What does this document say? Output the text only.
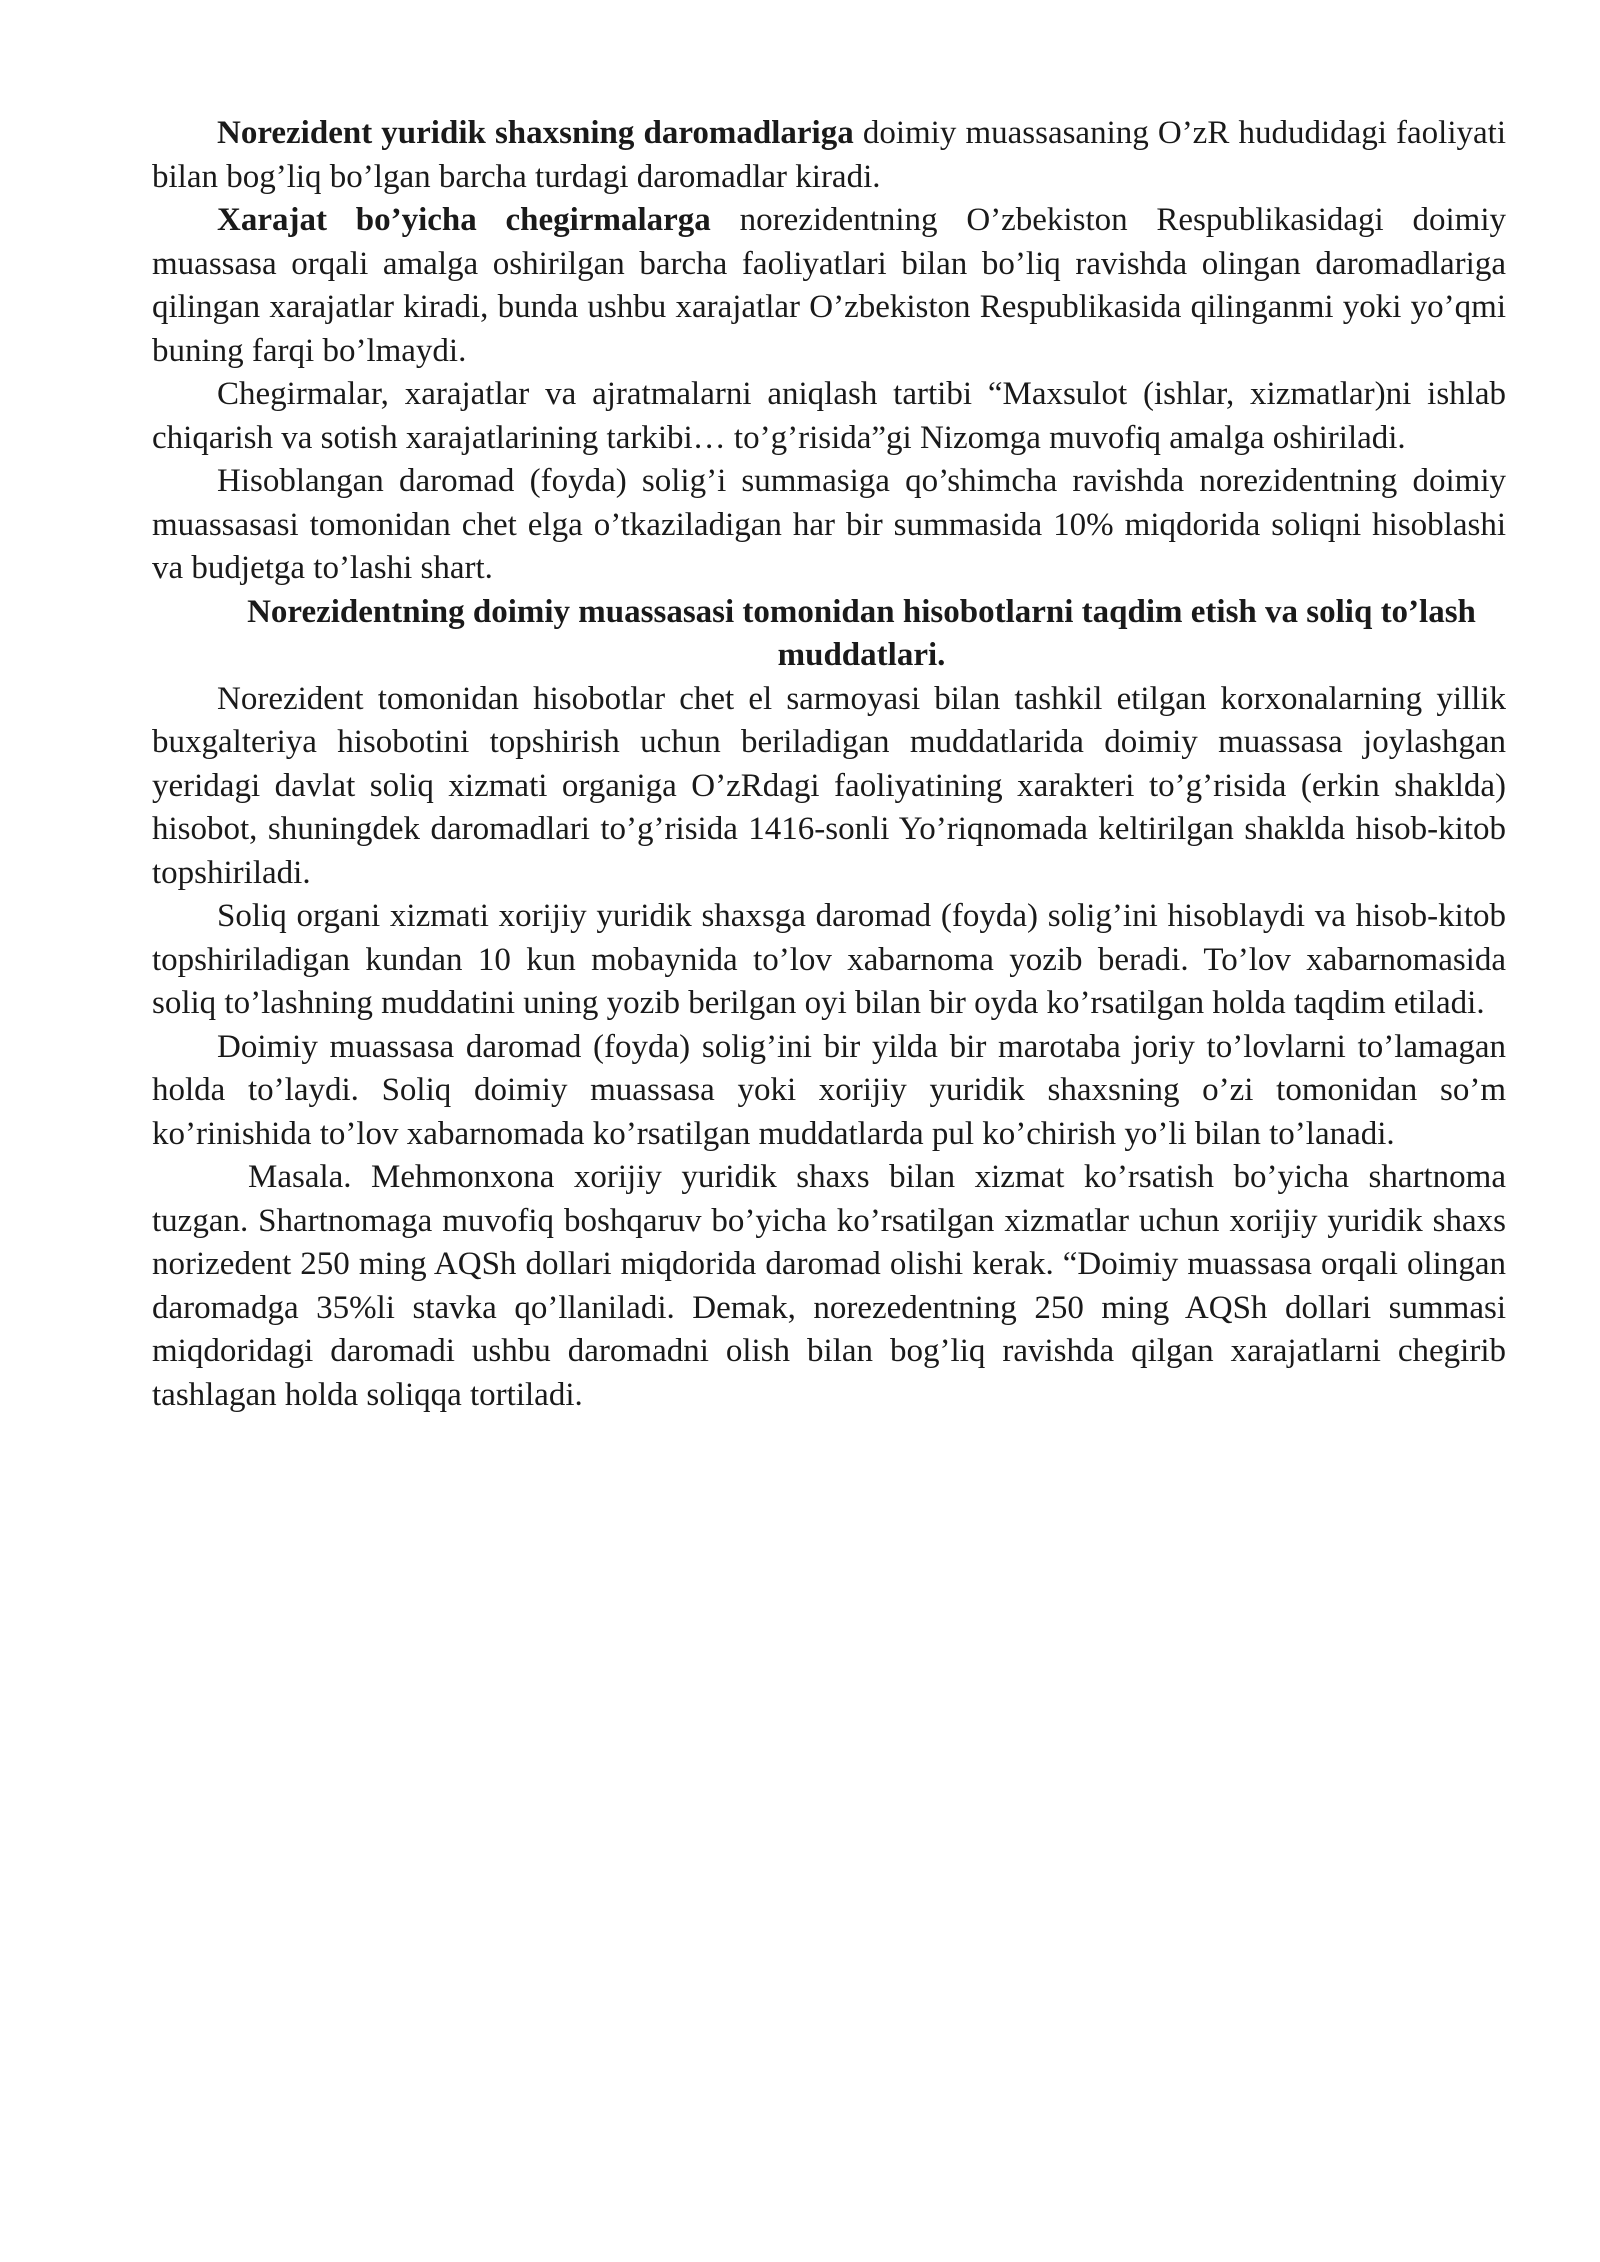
Norezident yuridik shaxsning daromadlariga doimiy muassasaning O’zR hududidagi faoliyati bilan bog’liq bo’lgan barcha turdagi daromadlar kiradi.

Xarajat bo’yicha chegirmalarga norezidentning O’zbekiston Respublikasidagi doimiy muassasa orqali amalga oshirilgan barcha faoliyatlari bilan bo’liq ravishda olingan daromadlariga qilingan xarajatlar kiradi, bunda ushbu xarajatlar O’zbekiston Respublikasida qilinganmi yoki yo’qmi buning farqi bo’lmaydi.

Chegirmalar, xarajatlar va ajratmalarni aniqlash tartibi “Maxsulot (ishlar, xizmatlar)ni ishlab chiqarish va sotish xarajatlarining tarkibi… to’g’risida”gi Nizomga muvofiq amalga oshiriladi.

Hisoblangan daromad (foyda) solig’i summasiga qo’shimcha ravishda norezidentning doimiy muassasasi tomonidan chet elga o’tkaziladigan har bir summasida 10% miqdorida soliqni hisoblashi va budjetga to’lashi shart.

Norezidentning doimiy muassasasi tomonidan hisobotlarni taqdim etish va soliq to’lash muddatlari.

Norezident tomonidan hisobotlar chet el sarmoyasi bilan tashkil etilgan korxonalarning yillik buxgalteriya hisobotini topshirish uchun beriladigan muddatlarida doimiy muassasa joylashgan yeridagi davlat soliq xizmati organiga O’zRdagi faoliyatining xarakteri to’g’risida (erkin shakldа) hisobot, shuningdek daromadlari to’g’risida 1416-sonli Yo’riqnomada keltirilgan shaklda hisob-kitob topshiriladi.

Soliq organi xizmati xorijiy yuridik shaxsga daromad (foyda) solig’ini hisoblaydi va hisob-kitob topshiriladigan kundan 10 kun mobaynida to’lov xabarnoma yozib beradi. To’lov xabarnomasida soliq to’lashning muddatini uning yozib berilgan oyi bilan bir oyda ko’rsatilgan holda taqdim etiladi.

Doimiy muassasa daromad (foyda) solig’ini bir yilda bir marotaba joriy to’lovlarni to’lamagan holda to’laydi. Soliq doimiy muassasa yoki xorijiy yuridik shaxsning o’zi tomonidan so’m ko’rinishida to’lov xabarnomada ko’rsatilgan muddatlarda pul ko’chirish yo’li bilan to’lanadi.

Masala. Mehmonxona xorijiy yuridik shaxs bilan xizmat ko’rsatish bo’yicha shartnoma tuzgan. Shartnomaga muvofiq boshqaruv bo’yicha ko’rsatilgan xizmatlar uchun xorijiy yuridik shaxs norizedent 250 ming AQSh dollari miqdorida daromad olishi kerak. “Doimiy muassasa orqali olingan daromadga 35%li stavka qo’llaniladi. Demak, norezedentning 250 ming AQSh dollari summasi miqdoridagi daromadi ushbu daromadni olish bilan bog’liq ravishda qilgan xarajatlarni chegirib tashlagan holda soliqqa tortiladi.
